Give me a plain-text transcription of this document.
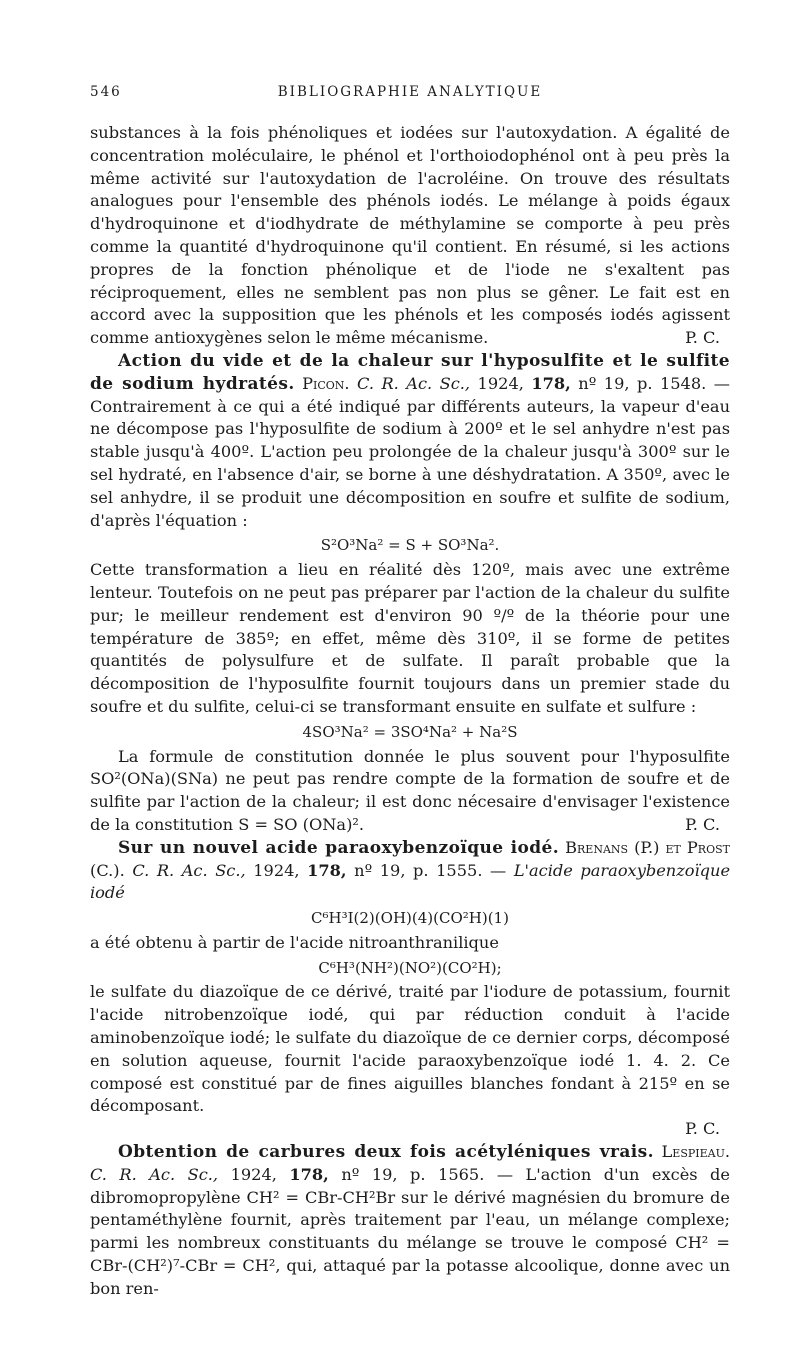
546	BIBLIOGRAPHIE ANALYTIQUE

substances à la fois phénoliques et iodées sur l'autoxydation. A égalité de concentration moléculaire, le phénol et l'orthoiodophénol ont à peu près la même activité sur l'autoxydation de l'acroléine. On trouve des résultats analogues pour l'ensemble des phénols iodés. Le mélange à poids égaux d'hydroquinone et d'iodhydrate de méthylamine se comporte à peu près comme la quantité d'hydroquinone qu'il contient. En résumé, si les actions propres de la fonction phénolique et de l'iode ne s'exaltent pas réciproquement, elles ne semblent pas non plus se gêner. Le fait est en accord avec la supposition que les phénols et les composés iodés agissent comme antioxygènes selon le même mécanisme.	P. C.

Action du vide et de la chaleur sur l'hyposulfite et le sulfite de sodium hydratés. Picon. C. R. Ac. Sc., 1924, 178, nº 19, p. 1548. — Contrairement à ce qui a été indiqué par différents auteurs, la vapeur d'eau ne décompose pas l'hyposulfite de sodium à 200º et le sel anhydre n'est pas stable jusqu'à 400º. L'action peu prolongée de la chaleur jusqu'à 300º sur le sel hydraté, en l'absence d'air, se borne à une déshydratation. A 350º, avec le sel anhydre, il se produit une décomposition en soufre et sulfite de sodium, d'après l'équation :

S²O³Na² = S + SO³Na².

Cette transformation a lieu en réalité dès 120º, mais avec une extrême lenteur. Toutefois on ne peut pas préparer par l'action de la chaleur du sulfite pur; le meilleur rendement est d'environ 90 º/º de la théorie pour une température de 385º; en effet, même dès 310º, il se forme de petites quantités de polysulfure et de sulfate. Il paraît probable que la décomposition de l'hyposulfite fournit toujours dans un premier stade du soufre et du sulfite, celui-ci se transformant ensuite en sulfate et sulfure :

4SO³Na² = 3SO⁴Na² + Na²S

La formule de constitution donnée le plus souvent pour l'hyposulfite SO²(ONa)(SNa) ne peut pas rendre compte de la formation de soufre et de sulfite par l'action de la chaleur; il est donc nécesaire d'envisager l'existence de la constitution S = SO (ONa)².	P. C.

Sur un nouvel acide paraoxybenzoïque iodé. Brenans (P.) et Prost (C.). C. R. Ac. Sc., 1924, 178, nº 19, p. 1555. — L'acide paraoxybenzoïque iodé

C⁶H³I(2)(OH)(4)(CO²H)(1)

a été obtenu à partir de l'acide nitroanthranilique

C⁶H³(NH²)(NO²)(CO²H);

le sulfate du diazoïque de ce dérivé, traité par l'iodure de potassium, fournit l'acide nitrobenzoïque iodé, qui par réduction conduit à l'acide aminobenzoïque iodé; le sulfate du diazoïque de ce dernier corps, décomposé en solution aqueuse, fournit l'acide paraoxybenzoïque iodé 1. 4. 2. Ce composé est constitué par de fines aiguilles blanches fondant à 215º en se décomposant.

P. C.

Obtention de carbures deux fois acétyléniques vrais. Lespieau. C. R. Ac. Sc., 1924, 178, nº 19, p. 1565. — L'action d'un excès de dibromopropylène CH² = CBr-CH²Br sur le dérivé magnésien du bromure de pentaméthylène fournit, après traitement par l'eau, un mélange complexe; parmi les nombreux constituants du mélange se trouve le composé CH² = CBr-(CH²)⁷-CBr = CH², qui, attaqué par la potasse alcoolique, donne avec un bon ren-
